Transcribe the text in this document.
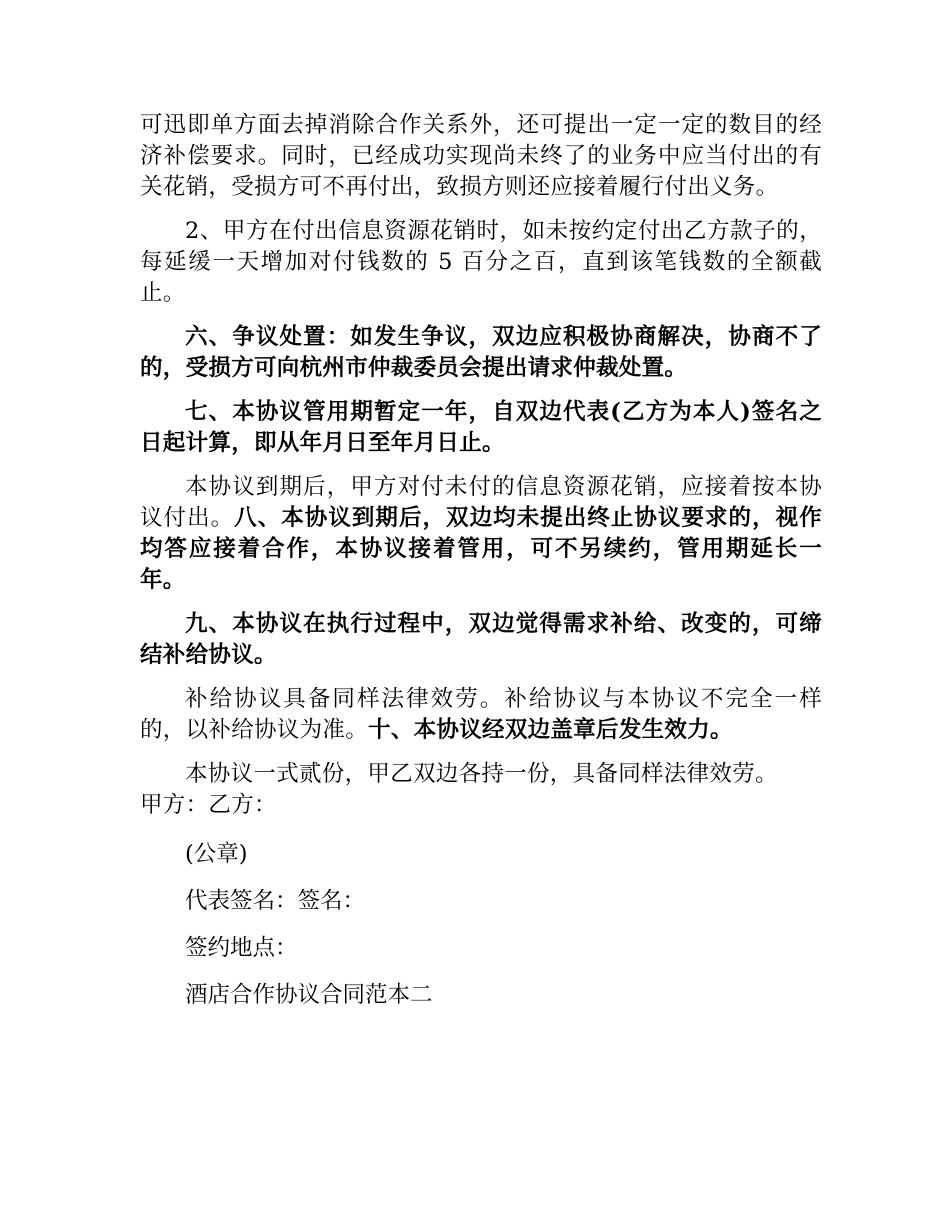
可迅即单方面去掉消除合作关系外，还可提出一定一定的数目的经济补偿要求。同时，已经成功实现尚未终了的业务中应当付出的有关花销，受损方可不再付出，致损方则还应接着履行付出义务。

2、甲方在付出信息资源花销时，如未按约定付出乙方款子的，每延缓一天增加对付钱数的 5 百分之百，直到该笔钱数的全额截止。

六、争议处置：如发生争议，双边应积极协商解决，协商不了的，受损方可向杭州市仲裁委员会提出请求仲裁处置。

七、本协议管用期暂定一年，自双边代表(乙方为本人)签名之日起计算，即从年月日至年月日止。

本协议到期后，甲方对付未付的信息资源花销，应接着按本协议付出。八、本协议到期后，双边均未提出终止协议要求的，视作均答应接着合作，本协议接着管用，可不另续约，管用期延长一年。

九、本协议在执行过程中，双边觉得需求补给、改变的，可缔结补给协议。

补给协议具备同样法律效劳。补给协议与本协议不完全一样的，以补给协议为准。十、本协议经双边盖章后发生效力。

本协议一式贰份，甲乙双边各持一份，具备同样法律效劳。
甲方：乙方：

(公章)

代表签名：签名：

签约地点：

酒店合作协议合同范本二
